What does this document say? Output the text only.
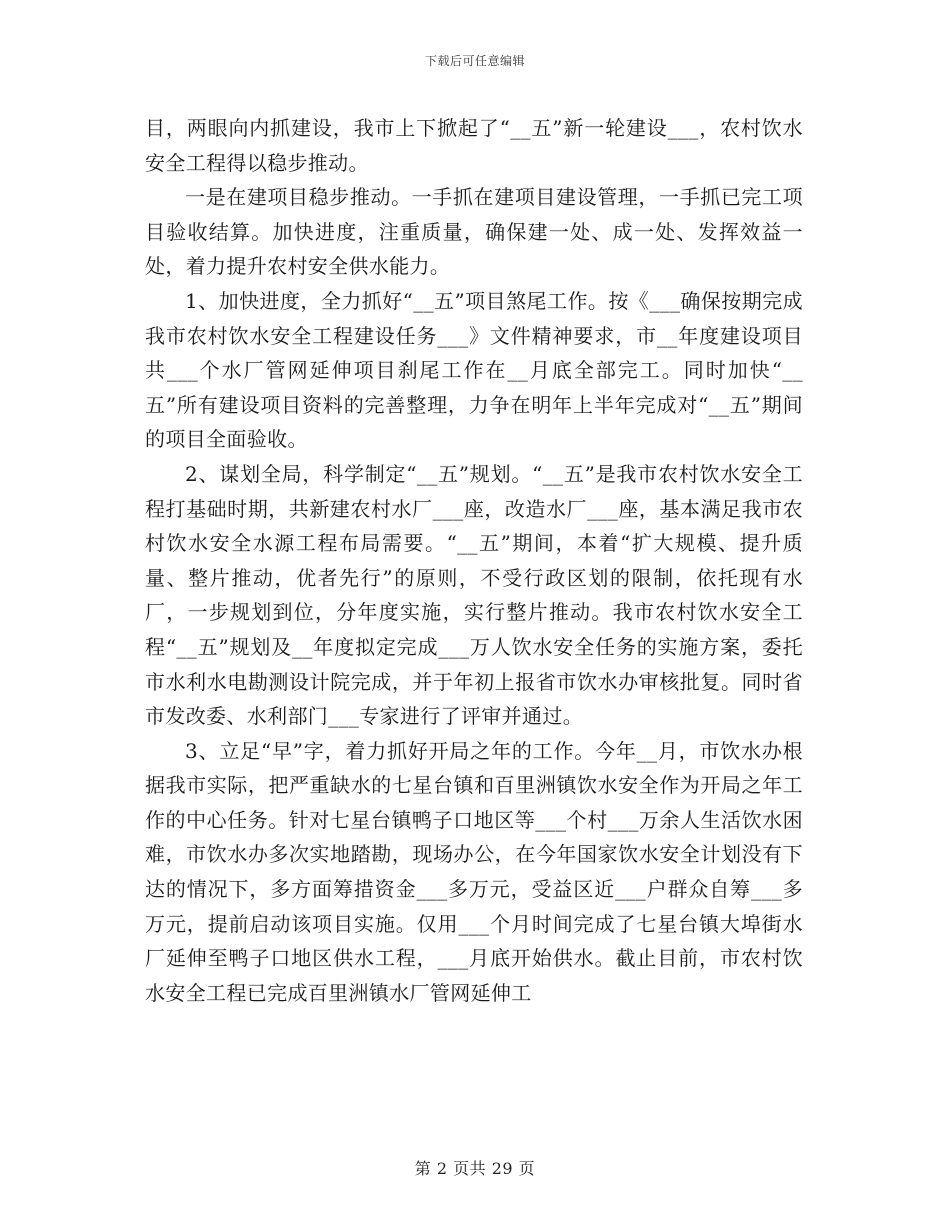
下载后可任意编辑

目，两眼向内抓建设，我市上下掀起了“__五”新一轮建设___，农村饮水安全工程得以稳步推动。

一是在建项目稳步推动。一手抓在建项目建设管理，一手抓已完工项目验收结算。加快进度，注重质量，确保建一处、成一处、发挥效益一处，着力提升农村安全供水能力。

1、加快进度，全力抓好“__五”项目煞尾工作。按《___确保按期完成我市农村饮水安全工程建设任务___》文件精神要求，市__年度建设项目共___个水厂管网延伸项目刹尾工作在__月底全部完工。同时加快“__五”所有建设项目资料的完善整理，力争在明年上半年完成对“__五”期间的项目全面验收。

2、谋划全局，科学制定“__五”规划。“__五”是我市农村饮水安全工程打基础时期，共新建农村水厂___座，改造水厂___座，基本满足我市农村饮水安全水源工程布局需要。“__五”期间，本着“扩大规模、提升质量、整片推动，优者先行”的原则，不受行政区划的限制，依托现有水厂，一步规划到位，分年度实施，实行整片推动。我市农村饮水安全工程“__五”规划及__年度拟定完成___万人饮水安全任务的实施方案，委托市水利水电勘测设计院完成，并于年初上报省市饮水办审核批复。同时省市发改委、水利部门___专家进行了评审并通过。

3、立足“早”字，着力抓好开局之年的工作。今年__月，市饮水办根据我市实际，把严重缺水的七星台镇和百里洲镇饮水安全作为开局之年工作的中心任务。针对七星台镇鸭子口地区等___个村___万余人生活饮水困难，市饮水办多次实地踏勘，现场办公，在今年国家饮水安全计划没有下达的情况下，多方面筹措资金___多万元，受益区近___户群众自筹___多万元，提前启动该项目实施。仅用___个月时间完成了七星台镇大埠街水厂延伸至鸭子口地区供水工程，___月底开始供水。截止目前，市农村饮水安全工程已完成百里洲镇水厂管网延伸工

第 2 页共 29 页
